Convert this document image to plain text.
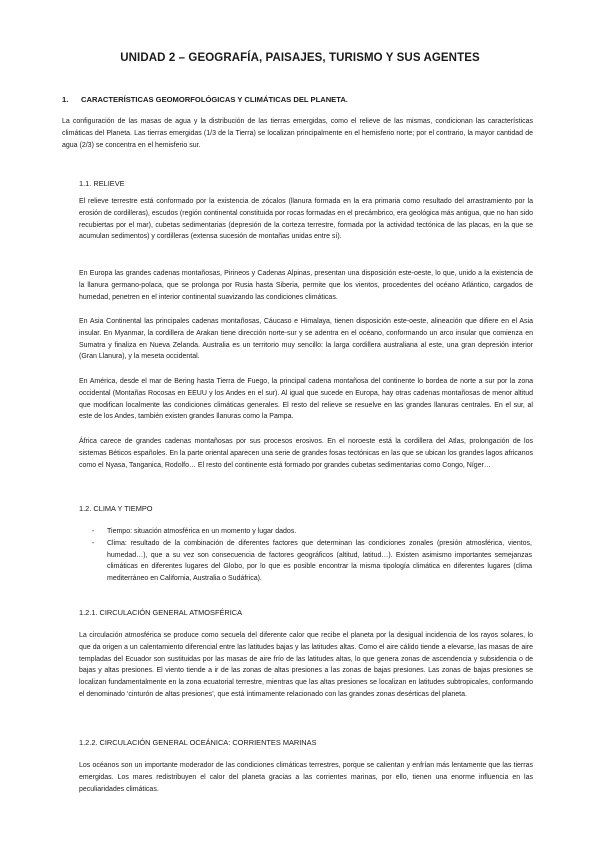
UNIDAD 2 – GEOGRAFÍA, PAISAJES, TURISMO Y SUS AGENTES
1. CARACTERÍSTICAS GEOMORFOLÓGICAS Y CLIMÁTICAS DEL PLANETA.
La configuración de las masas de agua y la distribución de las tierras emergidas, como el relieve de las mismas, condicionan las características climáticas del Planeta. Las tierras emergidas (1/3 de la Tierra) se localizan principalmente en el hemisferio norte; por el contrario, la mayor cantidad de agua (2/3) se concentra en el hemisferio sur.
1.1. RELIEVE
El relieve terrestre está conformado por la existencia de zócalos (llanura formada en la era primaria como resultado del arrastramiento por la erosión de cordilleras), escudos (región continental constituida por rocas formadas en el precámbrico, era geológica más antigua, que no han sido recubiertas por el mar), cubetas sedimentarias (depresión de la corteza terrestre, formada por la actividad tectónica de las placas, en la que se acumulan sedimentos) y cordilleras (extensa sucesión de montañas unidas entre sí).
En Europa las grandes cadenas montañosas, Pirineos y Cadenas Alpinas, presentan una disposición este-oeste, lo que, unido a la existencia de la llanura germano-polaca, que se prolonga por Rusia hasta Siberia, permite que los vientos, procedentes del océano Atlántico, cargados de humedad, penetren en el interior continental suavizando las condiciones climáticas.
En Asia Continental las principales cadenas montañosas, Cáucaso e Himalaya, tienen disposición este-oeste, alineación que difiere en el Asia insular. En Myanmar, la cordillera de Arakan tiene dirección norte-sur y se adentra en el océano, conformando un arco insular que comienza en Sumatra y finaliza en Nueva Zelanda. Australia es un territorio muy sencillo: la larga cordillera australiana al este, una gran depresión interior (Gran Llanura), y la meseta occidental.
En América, desde el mar de Bering hasta Tierra de Fuego, la principal cadena montañosa del continente lo bordea de norte a sur por la zona occidental (Montañas Rocosas en EEUU y los Andes en el sur). Al igual que sucede en Europa, hay otras cadenas montañosas de menor altitud que modifican localmente las condiciones climáticas generales. El resto del relieve se resuelve en las grandes llanuras centrales. En el sur, al este de los Andes, también existen grandes llanuras como la Pampa.
África carece de grandes cadenas montañosas por sus procesos erosivos. En el noroeste está la cordillera del Atlas, prolongación de los sistemas Béticos españoles. En la parte oriental aparecen una serie de grandes fosas tectónicas en las que se ubican los grandes lagos africanos como el Nyasa, Tanganica, Rodolfo… El resto del continente está formado por grandes cubetas sedimentarias como Congo, Níger…
1.2. CLIMA Y TIEMPO
- Tiempo: situación atmosférica en un momento y lugar dados.
- Clima: resultado de la combinación de diferentes factores que determinan las condiciones zonales (presión atmosférica, vientos, humedad…), que a su vez son consecuencia de factores geográficos (altitud, latitud…). Existen asimismo importantes semejanzas climáticas en diferentes lugares del Globo, por lo que es posible encontrar la misma tipología climática en diferentes lugares (clima mediterráneo en California, Australia o Sudáfrica).
1.2.1. CIRCULACIÓN GENERAL ATMOSFÉRICA
La circulación atmosférica se produce como secuela del diferente calor que recibe el planeta por la desigual incidencia de los rayos solares, lo que da origen a un calentamiento diferencial entre las latitudes bajas y las latitudes altas. Como el aire cálido tiende a elevarse, las masas de aire templadas del Ecuador son sustituidas por las masas de aire frío de las latitudes altas, lo que genera zonas de ascendencia y subsidencia o de bajas y altas presiones. El viento tiende a ir de las zonas de altas presiones a las zonas de bajas presiones. Las zonas de bajas presiones se localizan fundamentalmente en la zona ecuatorial terrestre, mientras que las altas presiones se localizan en latitudes subtropicales, conformando el denominado ‘cinturón de altas presiones’, que está íntimamente relacionado con las grandes zonas desérticas del planeta.
1.2.2. CIRCULACIÓN GENERAL OCEÁNICA: CORRIENTES MARINAS
Los océanos son un importante moderador de las condiciones climáticas terrestres, porque se calientan y enfrían más lentamente que las tierras emergidas. Los mares redistribuyen el calor del planeta gracias a las corrientes marinas, por ello, tienen una enorme influencia en las peculiaridades climáticas.
